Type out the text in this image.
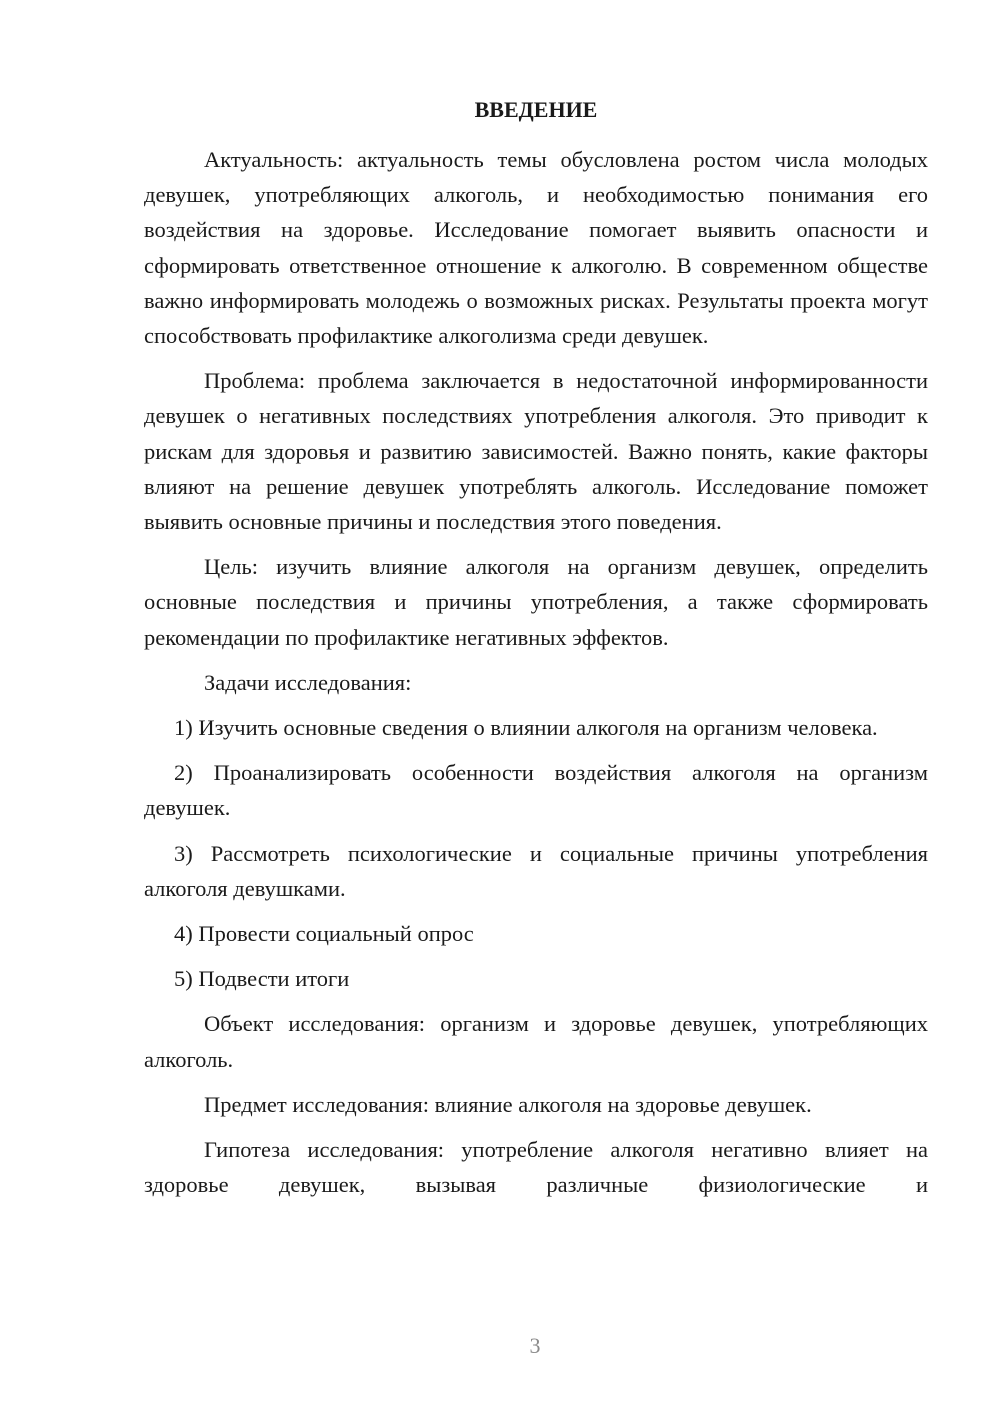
ВВЕДЕНИЕ

Актуальность: актуальность темы обусловлена ростом числа молодых девушек, употребляющих алкоголь, и необходимостью понимания его воздействия на здоровье. Исследование помогает выявить опасности и сформировать ответственное отношение к алкоголю. В современном обществе важно информировать молодежь о возможных рисках. Результаты проекта могут способствовать профилактике алкоголизма среди девушек.

Проблема: проблема заключается в недостаточной информированности девушек о негативных последствиях употребления алкоголя. Это приводит к рискам для здоровья и развитию зависимостей. Важно понять, какие факторы влияют на решение девушек употреблять алкоголь. Исследование поможет выявить основные причины и последствия этого поведения.

Цель: изучить влияние алкоголя на организм девушек, определить основные последствия и причины употребления, а также сформировать рекомендации по профилактике негативных эффектов.

Задачи исследования:

1) Изучить основные сведения о влиянии алкоголя на организм человека.

2) Проанализировать особенности воздействия алкоголя на организм девушек.

3) Рассмотреть психологические и социальные причины употребления алкоголя девушками.

4) Провести социальный опрос

5) Подвести итоги

Объект исследования: организм и здоровье девушек, употребляющих алкоголь.

Предмет исследования: влияние алкоголя на здоровье девушек.

Гипотеза исследования: употребление алкоголя негативно влияет на здоровье девушек, вызывая различные физиологические и

3
